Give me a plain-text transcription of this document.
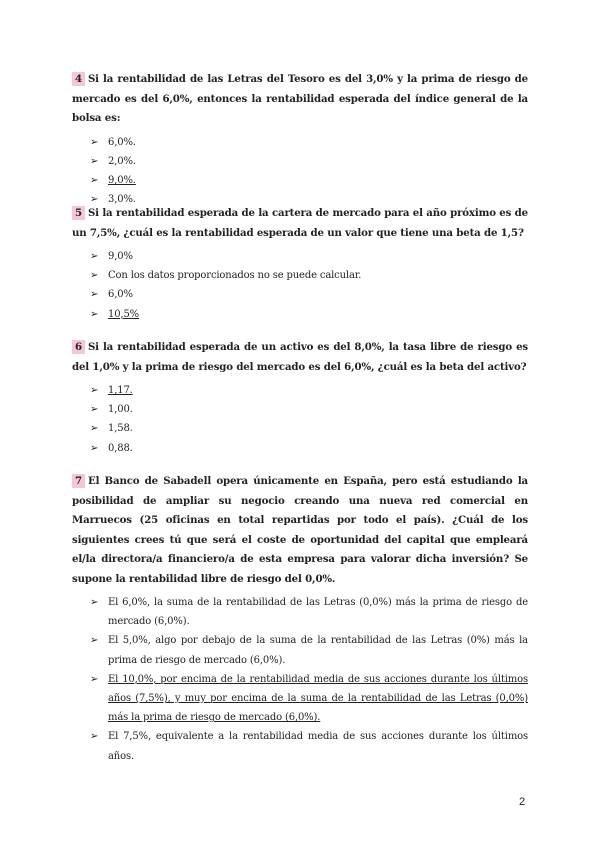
4 Si la rentabilidad de las Letras del Tesoro es del 3,0% y la prima de riesgo de mercado es del 6,0%, entonces la rentabilidad esperada del índice general de la bolsa es:
➢ 6,0%.
➢ 2,0%.
➢ 9,0%.
➢ 3,0%.
5 Si la rentabilidad esperada de la cartera de mercado para el año próximo es de un 7,5%, ¿cuál es la rentabilidad esperada de un valor que tiene una beta de 1,5?
➢ 9,0%
➢ Con los datos proporcionados no se puede calcular.
➢ 6,0%
➢ 10,5%
6 Si la rentabilidad esperada de un activo es del 8,0%, la tasa libre de riesgo es del 1,0% y la prima de riesgo del mercado es del 6,0%, ¿cuál es la beta del activo?
➢ 1,17.
➢ 1,00.
➢ 1,58.
➢ 0,88.
7 El Banco de Sabadell opera únicamente en España, pero está estudiando la posibilidad de ampliar su negocio creando una nueva red comercial en Marruecos (25 oficinas en total repartidas por todo el país). ¿Cuál de los siguientes crees tú que será el coste de oportunidad del capital que empleará el/la directora/a financiero/a de esta empresa para valorar dicha inversión? Se supone la rentabilidad libre de riesgo del 0,0%.
➢ El 6,0%, la suma de la rentabilidad de las Letras (0,0%) más la prima de riesgo de mercado (6,0%).
➢ El 5,0%, algo por debajo de la suma de la rentabilidad de las Letras (0%) más la prima de riesgo de mercado (6,0%).
➢ El 10,0%, por encima de la rentabilidad media de sus acciones durante los últimos años (7,5%), y muy por encima de la suma de la rentabilidad de las Letras (0,0%) más la prima de riesgo de mercado (6,0%).
➢ El 7,5%, equivalente a la rentabilidad media de sus acciones durante los últimos años.
2
